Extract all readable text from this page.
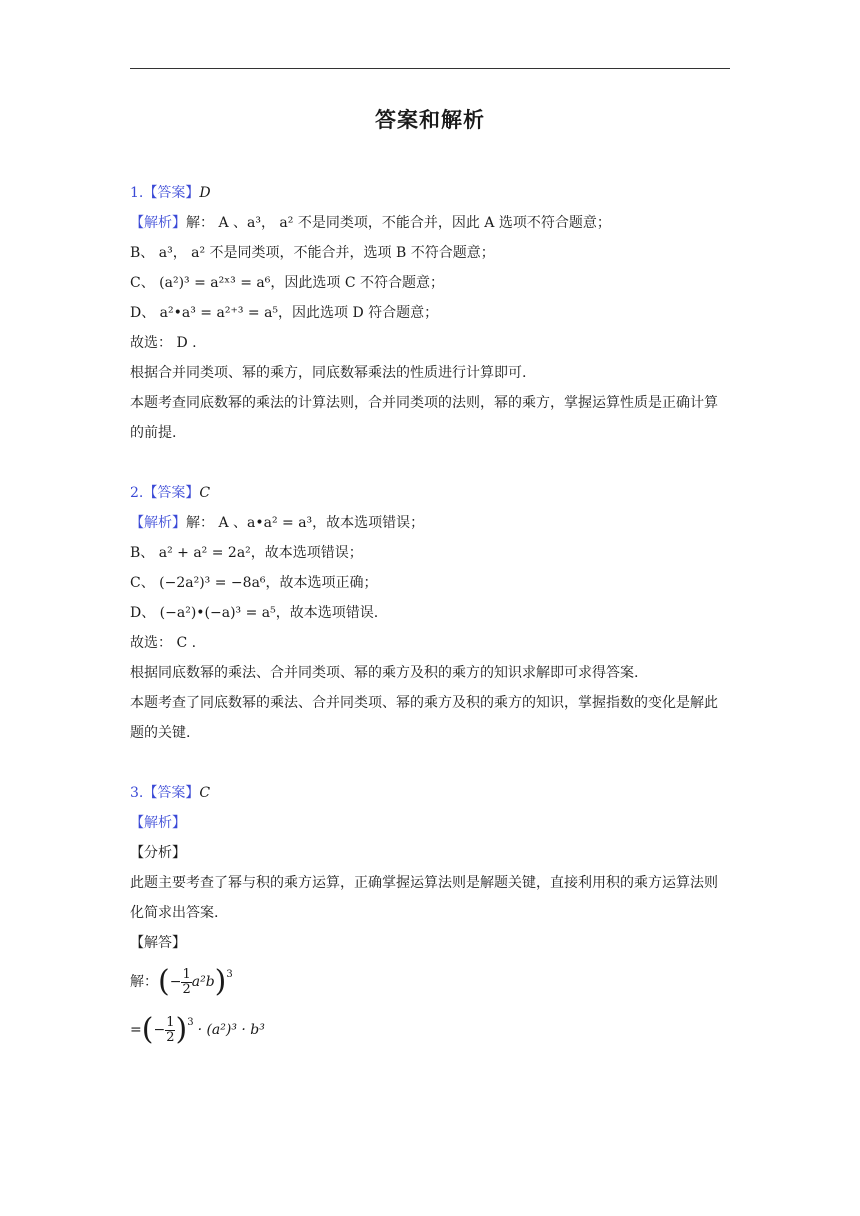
答案和解析
1.【答案】D
【解析】解： A 、a³， a² 不是同类项，不能合并，因此 A 选项不符合题意；
B、 a³， a² 不是同类项，不能合并，选项 B 不符合题意；
C、 (a²)³ = a²ˣ³ = a⁶，因此选项 C 不符合题意；
D、 a²•a³ = a²⁺³ = a⁵，因此选项 D 符合题意；
故选： D .
根据合并同类项、幂的乘方，同底数幂乘法的性质进行计算即可.
本题考查同底数幂的乘法的计算法则，合并同类项的法则，幂的乘方，掌握运算性质是正确计算的前提.
2.【答案】C
【解析】解： A 、a•a² = a³，故本选项错误；
B、 a² + a² = 2a²，故本选项错误；
C、 (−2a²)³ = −8a⁶，故本选项正确；
D、 (−a²)•(−a)³ = a⁵，故本选项错误.
故选： C .
根据同底数幂的乘法、合并同类项、幂的乘方及积的乘方的知识求解即可求得答案.
本题考查了同底数幂的乘法、合并同类项、幂的乘方及积的乘方的知识，掌握指数的变化是解此题的关键.
3.【答案】C
【解析】
【分析】
此题主要考查了幂与积的乘方运算，正确掌握运算法则是解题关键，直接利用积的乘方运算法则化简求出答案.
【解答】
解： ( − $\frac{1}{2} a^2b$ )$^3$
= ( − $\frac{1}{2} )^3 \cdot (a^2)^3 \cdot b^3$
